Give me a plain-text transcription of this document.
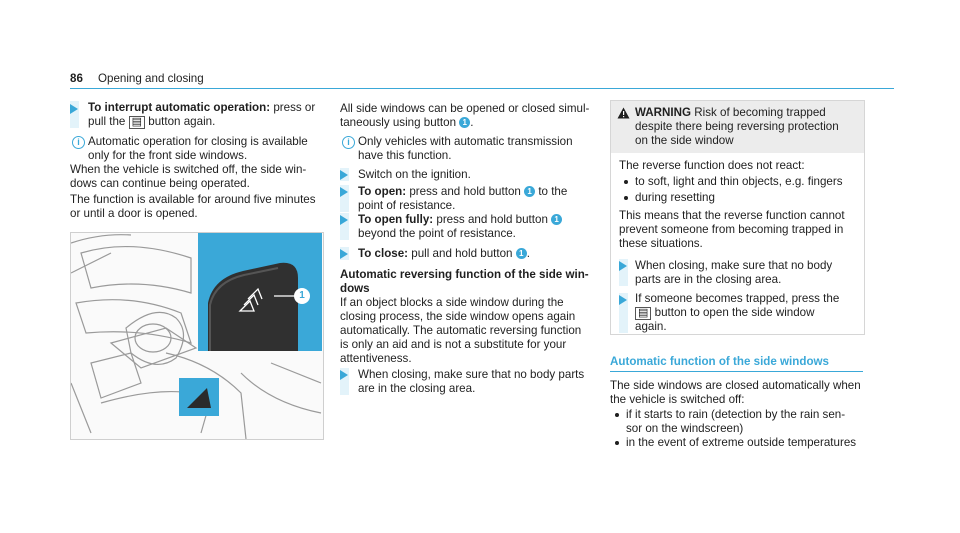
86 Opening and closing
To interrupt automatic operation: press or
pull the ▤ button again.
i Automatic operation for closing is available
only for the front side windows.
When the vehicle is switched off, the side win-
dows can continue being operated.
The function is available for around five minutes
or until a door is opened.
1
All side windows can be opened or closed simul-
taneously using button 1 .
i Only vehicles with automatic transmission
have this function.
Switch on the ignition.
To open: press and hold button 1 to the
point of resistance.
To open fully: press and hold button 1
beyond the point of resistance.
To close: pull and hold button 1 .
Automatic reversing function of the side win-
dows
If an object blocks a side window during the
closing process, the side window opens again
automatically. The automatic reversing function
is only an aid and is not a substitute for your
attentiveness.
When closing, make sure that no body parts
are in the closing area.
WARNING Risk of becoming trapped
despite there being reversing protection
on the side window
The reverse function does not react:
to soft, light and thin objects, e.g. fingers
during resetting
This means that the reverse function cannot
prevent someone from becoming trapped in
these situations.
When closing, make sure that no body
parts are in the closing area.
If someone becomes trapped, press the
▤ button to open the side window
again.
Automatic function of the side windows
The side windows are closed automatically when
the vehicle is switched off:
if it starts to rain (detection by the rain sen-
sor on the windscreen)
in the event of extreme outside temperatures
